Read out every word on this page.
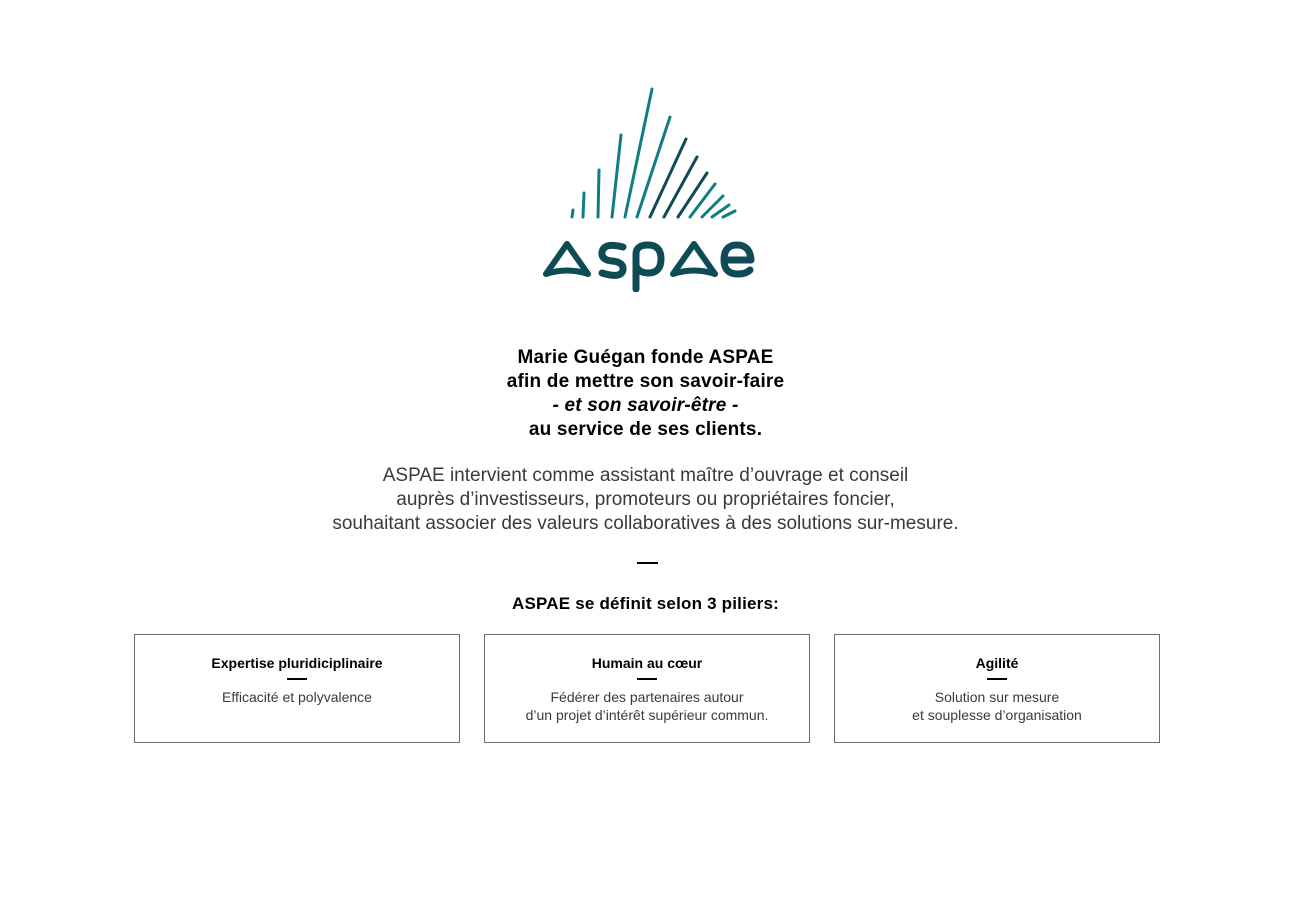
Marie Guégan fonde ASPAE
afin de mettre son savoir-faire
- et son savoir-être -
au service de ses clients.
ASPAE intervient comme assistant maître d’ouvrage et conseil
auprès d’investisseurs, promoteurs ou propriétaires foncier,
souhaitant associer des valeurs collaboratives à des solutions sur-mesure.
ASPAE se définit selon 3 piliers:
Expertise pluridiciplinaire
Efficacité et polyvalence
Humain au cœur
Fédérer des partenaires autour
d’un projet d’intérêt supérieur commun.
Agilité
Solution sur mesure
et souplesse d’organisation
